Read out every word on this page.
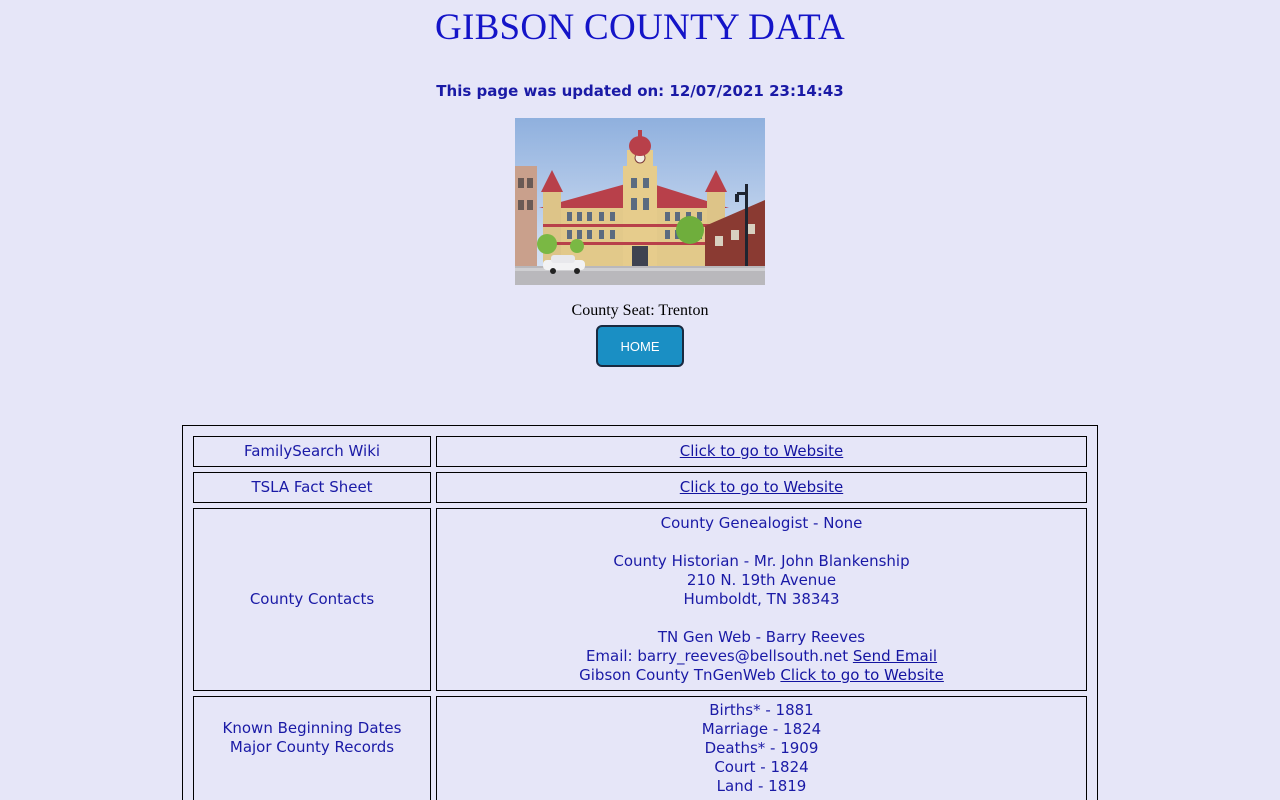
GIBSON COUNTY DATA
This page was updated on: 12/07/2021 23:14:43
County Seat: Trenton
HOME
FamilySearch Wiki	Click to go to Website
TSLA Fact Sheet	Click to go to Website
County Contacts
County Genealogist - None
County Historian - Mr. John Blankenship
210 N. 19th Avenue
Humboldt, TN 38343
TN Gen Web - Barry Reeves
Email: barry_reeves@bellsouth.net Send Email
Gibson County TnGenWeb Click to go to Website
Known Beginning Dates
Major County Records
Births* - 1881
Marriage - 1824
Deaths* - 1909
Court - 1824
Land - 1819
